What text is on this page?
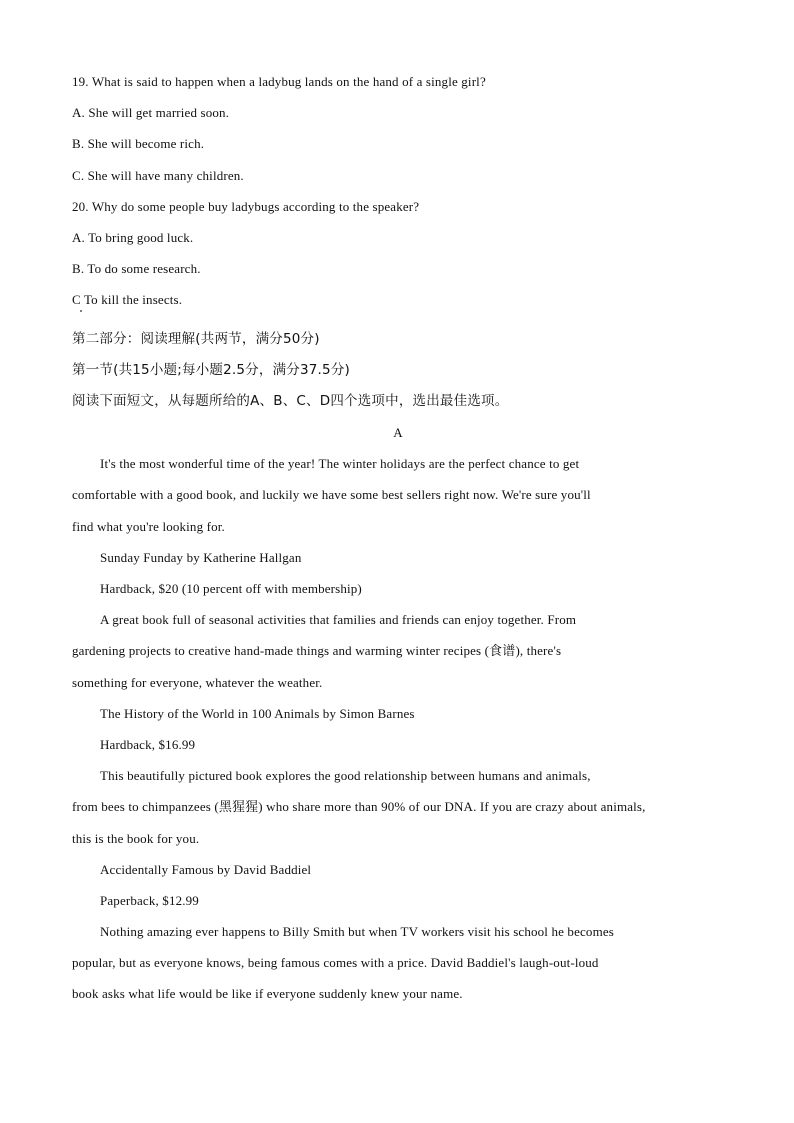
19. What is said to happen when a ladybug lands on the hand of a single girl?
A. She will get married soon.
B. She will become rich.
C. She will have many children.
20. Why do some people buy ladybugs according to the speaker?
A. To bring good luck.
B. To do some research.
C To kill the insects.
第二部分：阅读理解(共两节，满分50分)
第一节(共15小题;每小题2.5分，满分37.5分)
阅读下面短文，从每题所给的A、B、C、D四个选项中，选出最佳选项。
A
It's the most wonderful time of the year! The winter holidays are the perfect chance to get
comfortable with a good book, and luckily we have some best sellers right now. We're sure you'll
find what you're looking for.
Sunday Funday by Katherine Hallgan
Hardback, $20 (10 percent off with membership)
A great book full of seasonal activities that families and friends can enjoy together. From
gardening projects to creative hand-made things and warming winter recipes (食谱), there's
something for everyone, whatever the weather.
The History of the World in 100 Animals by Simon Barnes
Hardback, $16.99
This beautifully pictured book explores the good relationship between humans and animals,
from bees to chimpanzees (黑猩猩) who share more than 90% of our DNA. If you are crazy about animals,
this is the book for you.
Accidentally Famous by David Baddiel
Paperback, $12.99
Nothing amazing ever happens to Billy Smith but when TV workers visit his school he becomes
popular, but as everyone knows, being famous comes with a price. David Baddiel's laugh-out-loud
book asks what life would be like if everyone suddenly knew your name.
